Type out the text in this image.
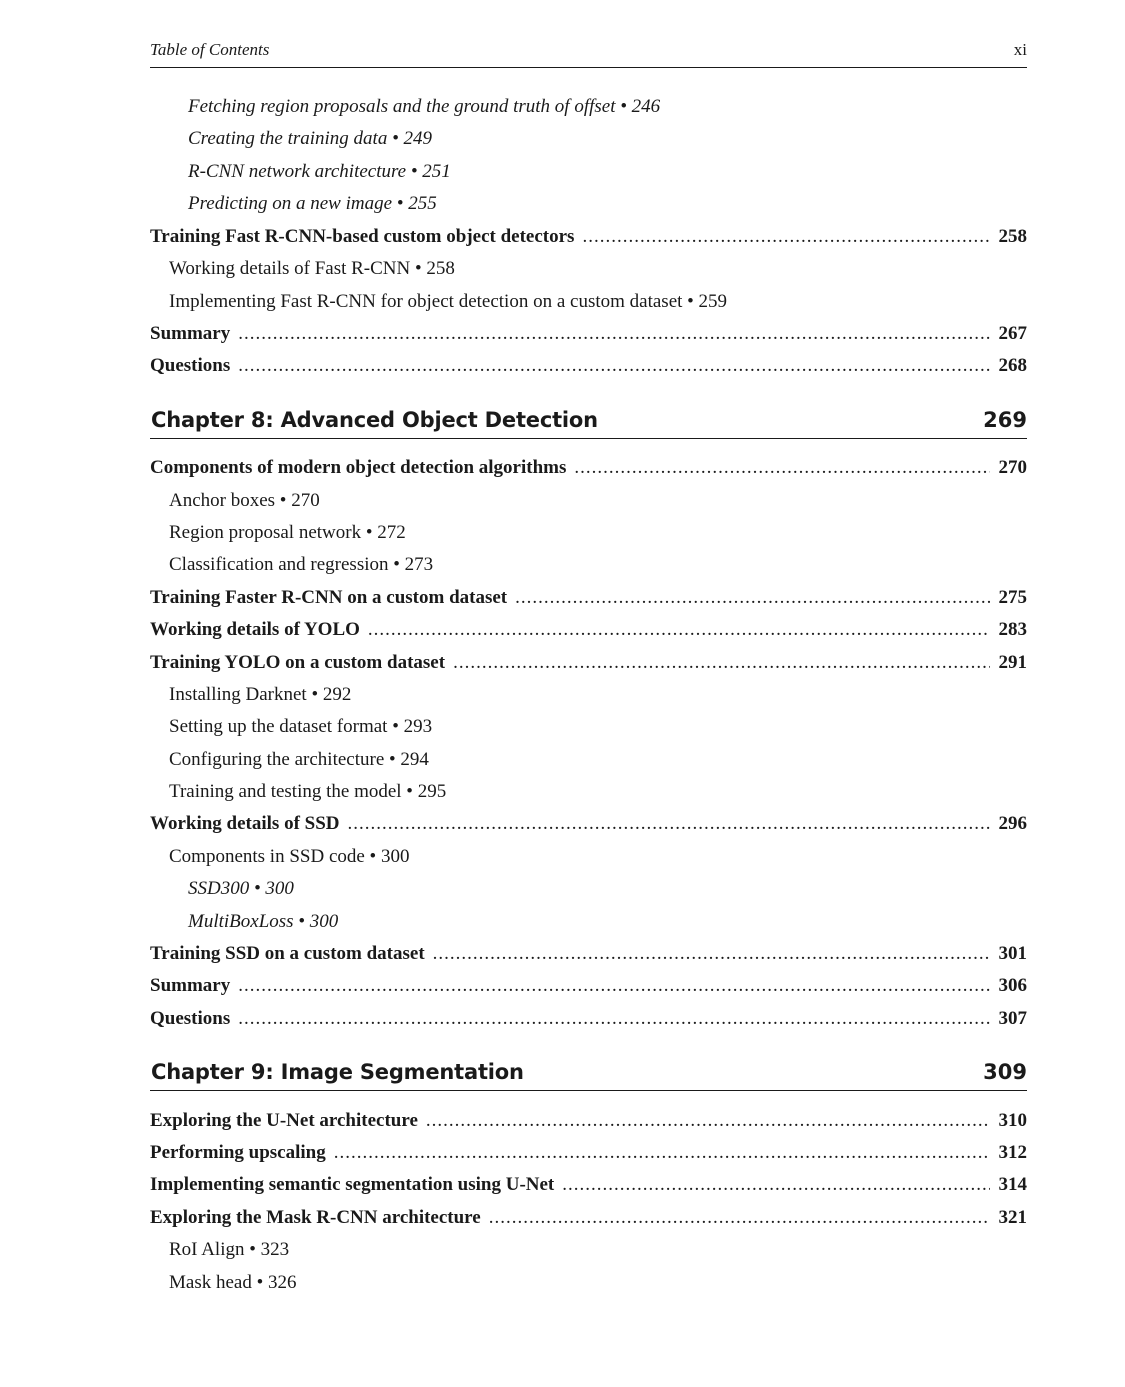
Table of Contents	xi
Fetching region proposals and the ground truth of offset • 246
Creating the training data • 249
R-CNN network architecture • 251
Predicting on a new image • 255
Training Fast R-CNN-based custom object detectors .....	258
Working details of Fast R-CNN • 258
Implementing Fast R-CNN for object detection on a custom dataset • 259
Summary .....	267
Questions .....	268
Chapter 8: Advanced Object Detection	269
Components of modern object detection algorithms .....	270
Anchor boxes • 270
Region proposal network • 272
Classification and regression • 273
Training Faster R-CNN on a custom dataset .....	275
Working details of YOLO .....	283
Training YOLO on a custom dataset .....	291
Installing Darknet • 292
Setting up the dataset format • 293
Configuring the architecture • 294
Training and testing the model • 295
Working details of SSD .....	296
Components in SSD code • 300
SSD300 • 300
MultiBoxLoss • 300
Training SSD on a custom dataset .....	301
Summary .....	306
Questions .....	307
Chapter 9: Image Segmentation	309
Exploring the U-Net architecture .....	310
Performing upscaling .....	312
Implementing semantic segmentation using U-Net .....	314
Exploring the Mask R-CNN architecture .....	321
RoI Align • 323
Mask head • 326
